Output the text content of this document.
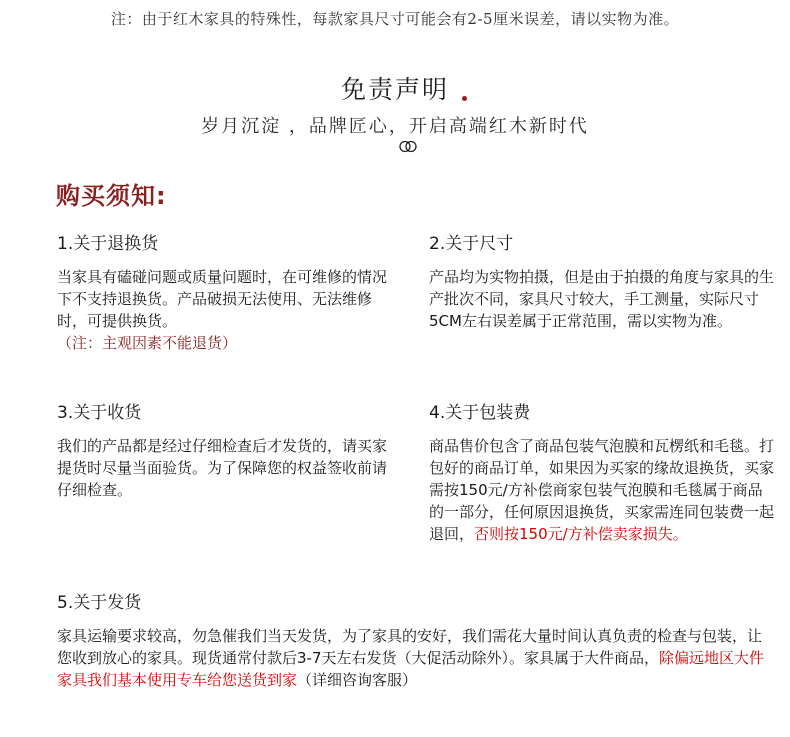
注：由于红木家具的特殊性，每款家具尺寸可能会有2-5厘米误差，请以实物为准。
免责声明
岁月沉淀 ，品牌匠心，开启高端红木新时代
购买须知:

1.关于退换货

当家具有磕碰问题或质量问题时，在可维修的情况下不支持退换货。产品破损无法使用、无法维修时，可提供换货。

（注：主观因素不能退货）

2.关于尺寸

产品均为实物拍摄，但是由于拍摄的角度与家具的生产批次不同，家具尺寸较大，手工测量，实际尺寸5CM左右误差属于正常范围，需以实物为准。

3.关于收货

我们的产品都是经过仔细检查后才发货的，请买家提货时尽量当面验货。为了保障您的权益签收前请仔细检查。

4.关于包装费

商品售价包含了商品包装气泡膜和瓦楞纸和毛毯。打包好的商品订单，如果因为买家的缘故退换货，买家需按150元/方补偿商家包装气泡膜和毛毯属于商品的一部分，任何原因退换货，买家需连同包装费一起退回，否则按150元/方补偿卖家损失。

5.关于发货

家具运输要求较高，勿急催我们当天发货，为了家具的安好，我们需花大量时间认真负责的检查与包装，让您收到放心的家具。现货通常付款后3-7天左右发货（大促活动除外）。家具属于大件商品，除偏远地区大件家具我们基本使用专车给您送货到家（详细咨询客服）
